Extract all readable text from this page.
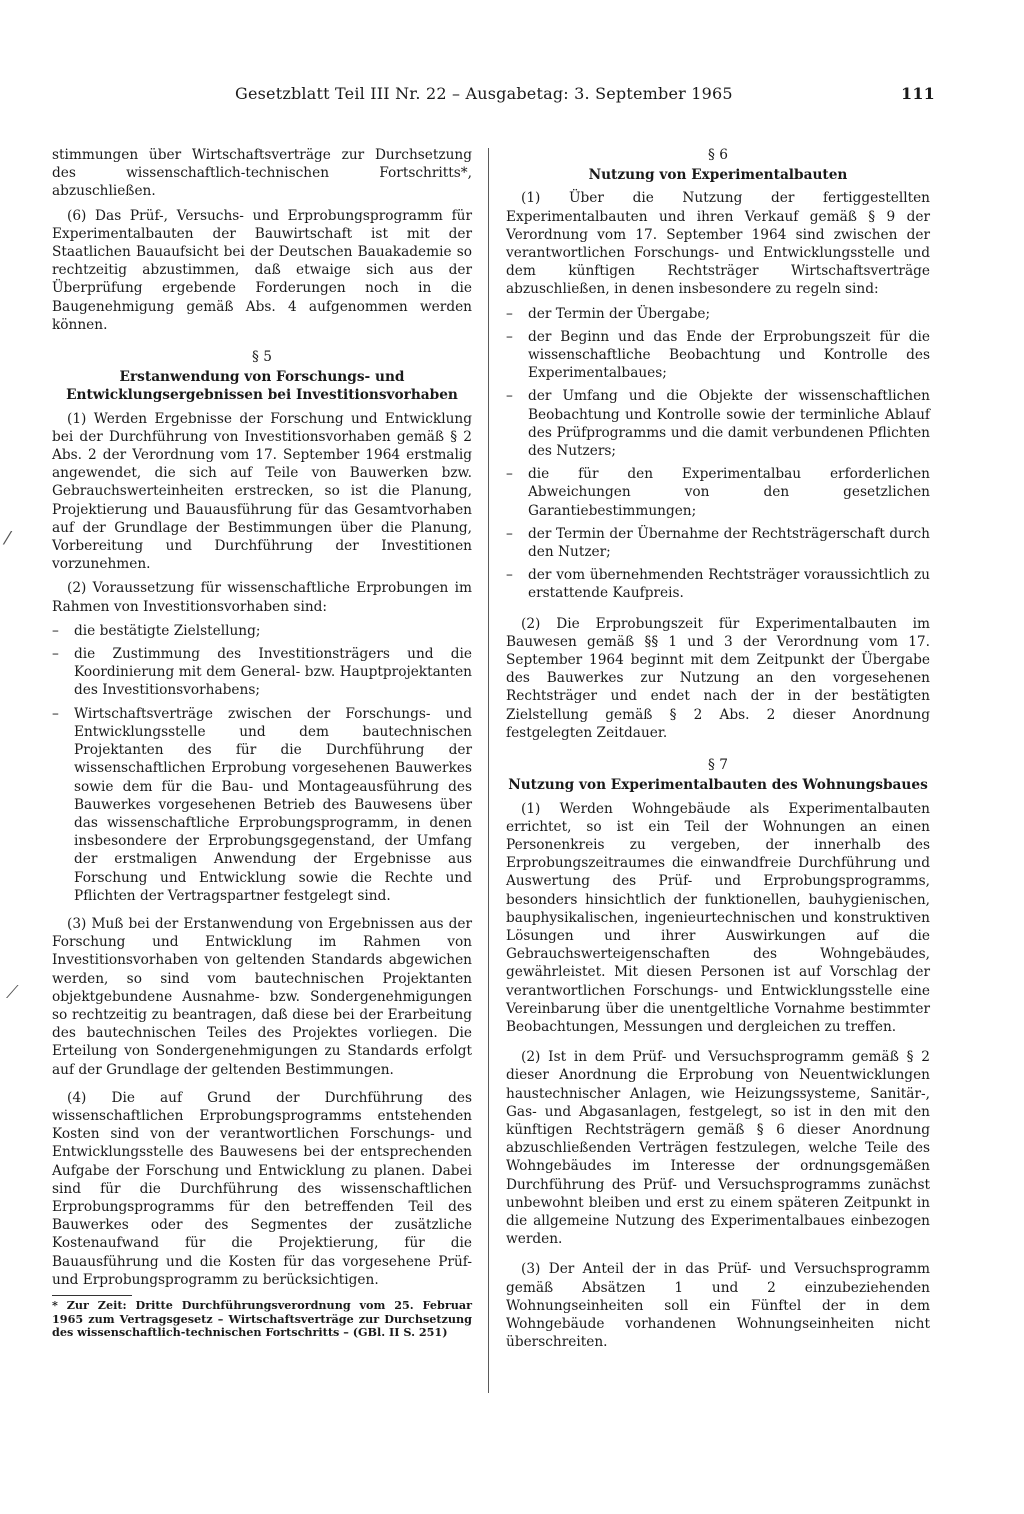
Gesetzblatt Teil III Nr. 22 – Ausgabetag: 3. September 1965	111
⁄
⟋

stimmungen über Wirtschaftsverträge zur Durchsetzung des wissenschaftlich-technischen Fortschritts*, abzuschließen.

(6) Das Prüf-, Versuchs- und Erprobungsprogramm für Experimentalbauten der Bauwirtschaft ist mit der Staatlichen Bauaufsicht bei der Deutschen Bauakademie so rechtzeitig abzustimmen, daß etwaige sich aus der Überprüfung ergebende Forderungen noch in die Baugenehmigung gemäß Abs. 4 aufgenommen werden können.

§ 5
Erstanwendung von Forschungs- und Entwicklungsergebnissen bei Investitionsvorhaben

(1) Werden Ergebnisse der Forschung und Entwicklung bei der Durchführung von Investitionsvorhaben gemäß § 2 Abs. 2 der Verordnung vom 17. September 1964 erstmalig angewendet, die sich auf Teile von Bauwerken bzw. Gebrauchswerteinheiten erstrecken, so ist die Planung, Projektierung und Bauausführung für das Gesamtvorhaben auf der Grundlage der Bestimmungen über die Planung, Vorbereitung und Durchführung der Investitionen vorzunehmen.

(2) Voraussetzung für wissenschaftliche Erprobungen im Rahmen von Investitionsvorhaben sind:

–	die bestätigte Zielstellung;
–	die Zustimmung des Investitionsträgers und die Koordinierung mit dem General- bzw. Hauptprojektanten des Investitionsvorhabens;
–	Wirtschaftsverträge zwischen der Forschungs- und Entwicklungsstelle und dem bautechnischen Projektanten des für die Durchführung der wissenschaftlichen Erprobung vorgesehenen Bauwerkes sowie dem für die Bau- und Montageausführung des Bauwerkes vorgesehenen Betrieb des Bauwesens über das wissenschaftliche Erprobungsprogramm, in denen insbesondere der Erprobungsgegenstand, der Umfang der erstmaligen Anwendung der Ergebnisse aus Forschung und Entwicklung sowie die Rechte und Pflichten der Vertragspartner festgelegt sind.

(3) Muß bei der Erstanwendung von Ergebnissen aus der Forschung und Entwicklung im Rahmen von Investitionsvorhaben von geltenden Standards abgewichen werden, so sind vom bautechnischen Projektanten objektgebundene Ausnahme- bzw. Sondergenehmigungen so rechtzeitig zu beantragen, daß diese bei der Erarbeitung des bautechnischen Teiles des Projektes vorliegen. Die Erteilung von Sondergenehmigungen zu Standards erfolgt auf der Grundlage der geltenden Bestimmungen.

(4) Die auf Grund der Durchführung des wissenschaftlichen Erprobungsprogramms entstehenden Kosten sind von der verantwortlichen Forschungs- und Entwicklungsstelle des Bauwesens bei der entsprechenden Aufgabe der Forschung und Entwicklung zu planen. Dabei sind für die Durchführung des wissenschaftlichen Erprobungsprogramms für den betreffenden Teil des Bauwerkes oder des Segmentes der zusätzliche Kostenaufwand für die Projektierung, für die Bauausführung und die Kosten für das vorgesehene Prüf- und Erprobungsprogramm zu berücksichtigen.

* Zur Zeit: Dritte Durchführungsverordnung vom 25. Februar 1965 zum Vertragsgesetz – Wirtschaftsverträge zur Durchsetzung des wissenschaftlich-technischen Fortschritts – (GBl. II S. 251)
§ 6
Nutzung von Experimentalbauten

(1) Über die Nutzung der fertiggestellten Experimentalbauten und ihren Verkauf gemäß § 9 der Verordnung vom 17. September 1964 sind zwischen der verantwortlichen Forschungs- und Entwicklungsstelle und dem künftigen Rechtsträger Wirtschaftsverträge abzuschließen, in denen insbesondere zu regeln sind:

–	der Termin der Übergabe;
–	der Beginn und das Ende der Erprobungszeit für die wissenschaftliche Beobachtung und Kontrolle des Experimentalbaues;
–	der Umfang und die Objekte der wissenschaftlichen Beobachtung und Kontrolle sowie der terminliche Ablauf des Prüfprogramms und die damit verbundenen Pflichten des Nutzers;
–	die für den Experimentalbau erforderlichen Abweichungen von den gesetzlichen Garantiebestimmungen;
–	der Termin der Übernahme der Rechtsträgerschaft durch den Nutzer;
–	der vom übernehmenden Rechtsträger voraussichtlich zu erstattende Kaufpreis.

(2) Die Erprobungszeit für Experimentalbauten im Bauwesen gemäß §§ 1 und 3 der Verordnung vom 17. September 1964 beginnt mit dem Zeitpunkt der Übergabe des Bauwerkes zur Nutzung an den vorgesehenen Rechtsträger und endet nach der in der bestätigten Zielstellung gemäß § 2 Abs. 2 dieser Anordnung festgelegten Zeitdauer.

§ 7
Nutzung von Experimentalbauten des Wohnungsbaues

(1) Werden Wohngebäude als Experimentalbauten errichtet, so ist ein Teil der Wohnungen an einen Personenkreis zu vergeben, der innerhalb des Erprobungszeitraumes die einwandfreie Durchführung und Auswertung des Prüf- und Erprobungsprogramms, besonders hinsichtlich der funktionellen, bauhygienischen, bauphysikalischen, ingenieurtechnischen und konstruktiven Lösungen und ihrer Auswirkungen auf die Gebrauchswerteigenschaften des Wohngebäudes, gewährleistet. Mit diesen Personen ist auf Vorschlag der verantwortlichen Forschungs- und Entwicklungsstelle eine Vereinbarung über die unentgeltliche Vornahme bestimmter Beobachtungen, Messungen und dergleichen zu treffen.

(2) Ist in dem Prüf- und Versuchsprogramm gemäß § 2 dieser Anordnung die Erprobung von Neuentwicklungen haustechnischer Anlagen, wie Heizungssysteme, Sanitär-, Gas- und Abgasanlagen, festgelegt, so ist in den mit den künftigen Rechtsträgern gemäß § 6 dieser Anordnung abzuschließenden Verträgen festzulegen, welche Teile des Wohngebäudes im Interesse der ordnungsgemäßen Durchführung des Prüf- und Versuchsprogramms zunächst unbewohnt bleiben und erst zu einem späteren Zeitpunkt in die allgemeine Nutzung des Experimentalbaues einbezogen werden.

(3) Der Anteil der in das Prüf- und Versuchsprogramm gemäß Absätzen 1 und 2 einzubeziehenden Wohnungseinheiten soll ein Fünftel der in dem Wohngebäude vorhandenen Wohnungseinheiten nicht überschreiten.
